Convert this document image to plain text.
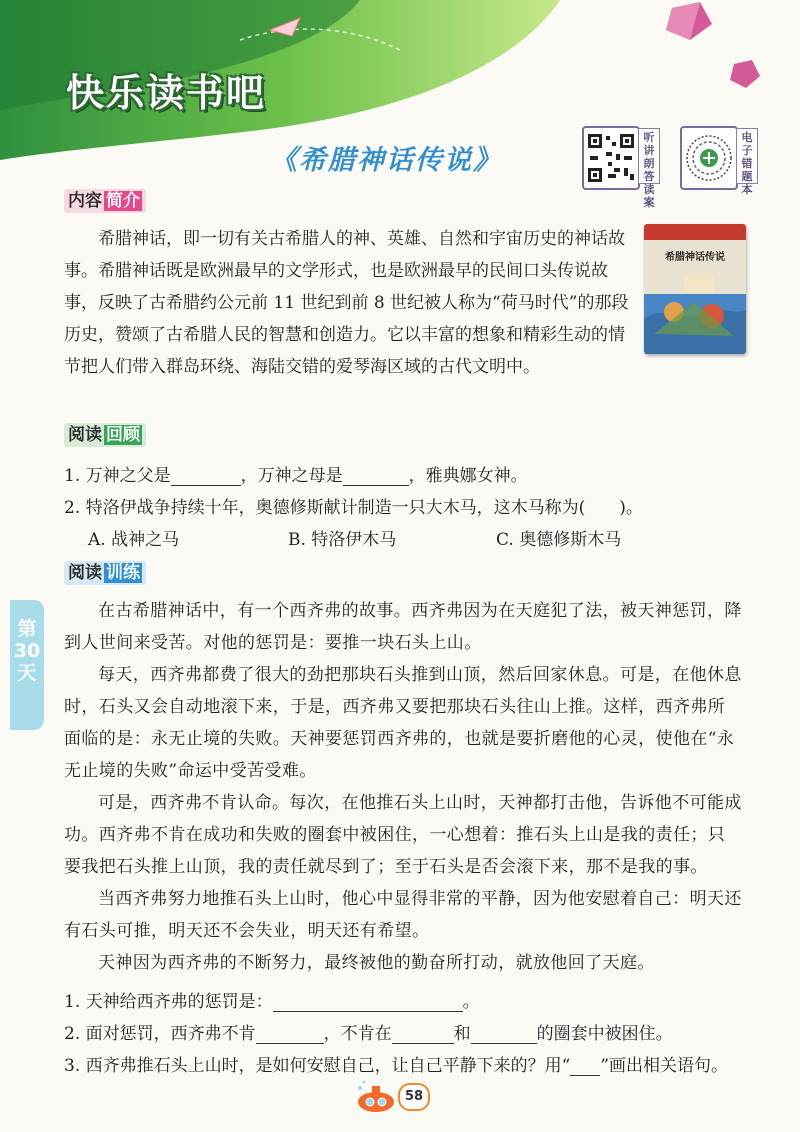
快乐读书吧
《希腊神话传说》
听讲朗答读案
电子错题本
内容 简介

希腊神话，即一切有关古希腊人的神、英雄、自然和宇宙历史的神话故事。希腊神话既是欧洲最早的文学形式，也是欧洲最早的民间口头传说故事，反映了古希腊约公元前 11 世纪到前 8 世纪被人称为“荷马时代”的那段历史，赞颂了古希腊人民的智慧和创造力。它以丰富的想象和精彩生动的情节把人们带入群岛环绕、海陆交错的爱琴海区域的古代文明中。

希腊神话传说
阅读 回顾
1. 万神之父是	，万神之母是	，雅典娜女神。
2. 特洛伊战争持续十年，奥德修斯献计制造一只大木马，这木马称为(　　)。
A. 战神之马	B. 特洛伊木马	C. 奥德修斯木马
阅读 训练
第30天

在古希腊神话中，有一个西齐弗的故事。西齐弗因为在天庭犯了法，被天神惩罚，降到人世间来受苦。对他的惩罚是：要推一块石头上山。

每天，西齐弗都费了很大的劲把那块石头推到山顶，然后回家休息。可是，在他休息时，石头又会自动地滚下来，于是，西齐弗又要把那块石头往山上推。这样，西齐弗所面临的是：永无止境的失败。天神要惩罚西齐弗的，也就是要折磨他的心灵，使他在“永无止境的失败”命运中受苦受难。

可是，西齐弗不肯认命。每次，在他推石头上山时，天神都打击他，告诉他不可能成功。西齐弗不肯在成功和失败的圈套中被困住，一心想着：推石头上山是我的责任；只要我把石头推上山顶，我的责任就尽到了；至于石头是否会滚下来，那不是我的事。

当西齐弗努力地推石头上山时，他心中显得非常的平静，因为他安慰着自己：明天还有石头可推，明天还不会失业，明天还有希望。

天神因为西齐弗的不断努力，最终被他的勤奋所打动，就放他回了天庭。

1. 天神给西齐弗的惩罚是：	。
2. 面对惩罚，西齐弗不肯	，不肯在	和	的圈套中被困住。
3. 西齐弗推石头上山时，是如何安慰自己，让自己平静下来的？用“ ”画出相关语句。
58
